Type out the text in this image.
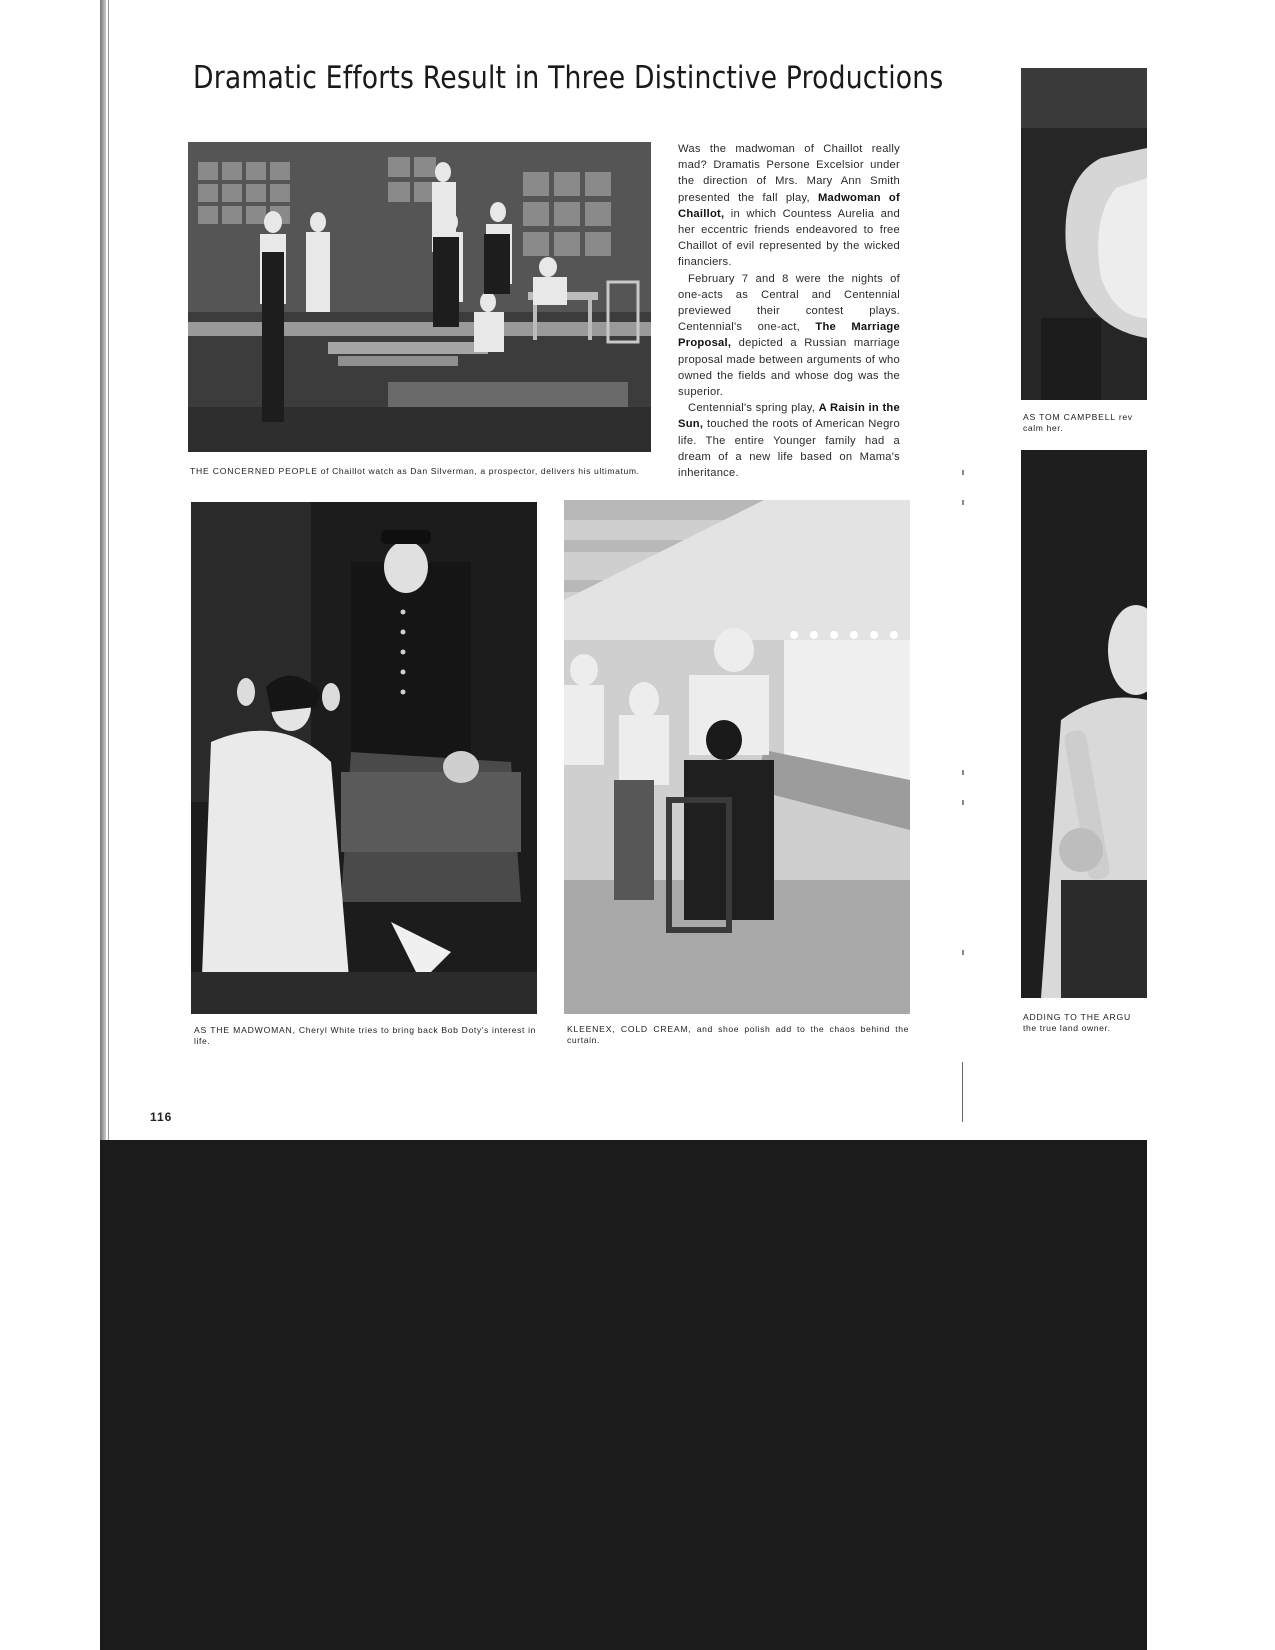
Dramatic Efforts Result in Three Distinctive Productions
THE CONCERNED PEOPLE of Chaillot watch as Dan Silverman, a prospector, delivers his ultimatum.

Was the madwoman of Chaillot really mad? Dramatis Persone Excelsior under the direction of Mrs. Mary Ann Smith presented the fall play, Madwoman of Chaillot, in which Countess Aurelia and her eccentric friends endeavored to free Chaillot of evil represented by the wicked financiers.

February 7 and 8 were the nights of one-acts as Central and Centennial previewed their contest plays. Centennial's one-act, The Marriage Proposal, depicted a Russian marriage proposal made between arguments of who owned the fields and whose dog was the superior.

Centennial's spring play, A Raisin in the Sun, touched the roots of American Negro life. The entire Younger family had a dream of a new life based on Mama's inheritance.

AS THE MADWOMAN, Cheryl White tries to bring back Bob Doty's interest in life.
KLEENEX, COLD CREAM, and shoe polish add to the chaos behind the curtain.
116
AS TOM CAMPBELL rev
calm her.
ADDING TO THE ARGU
the true land owner.
